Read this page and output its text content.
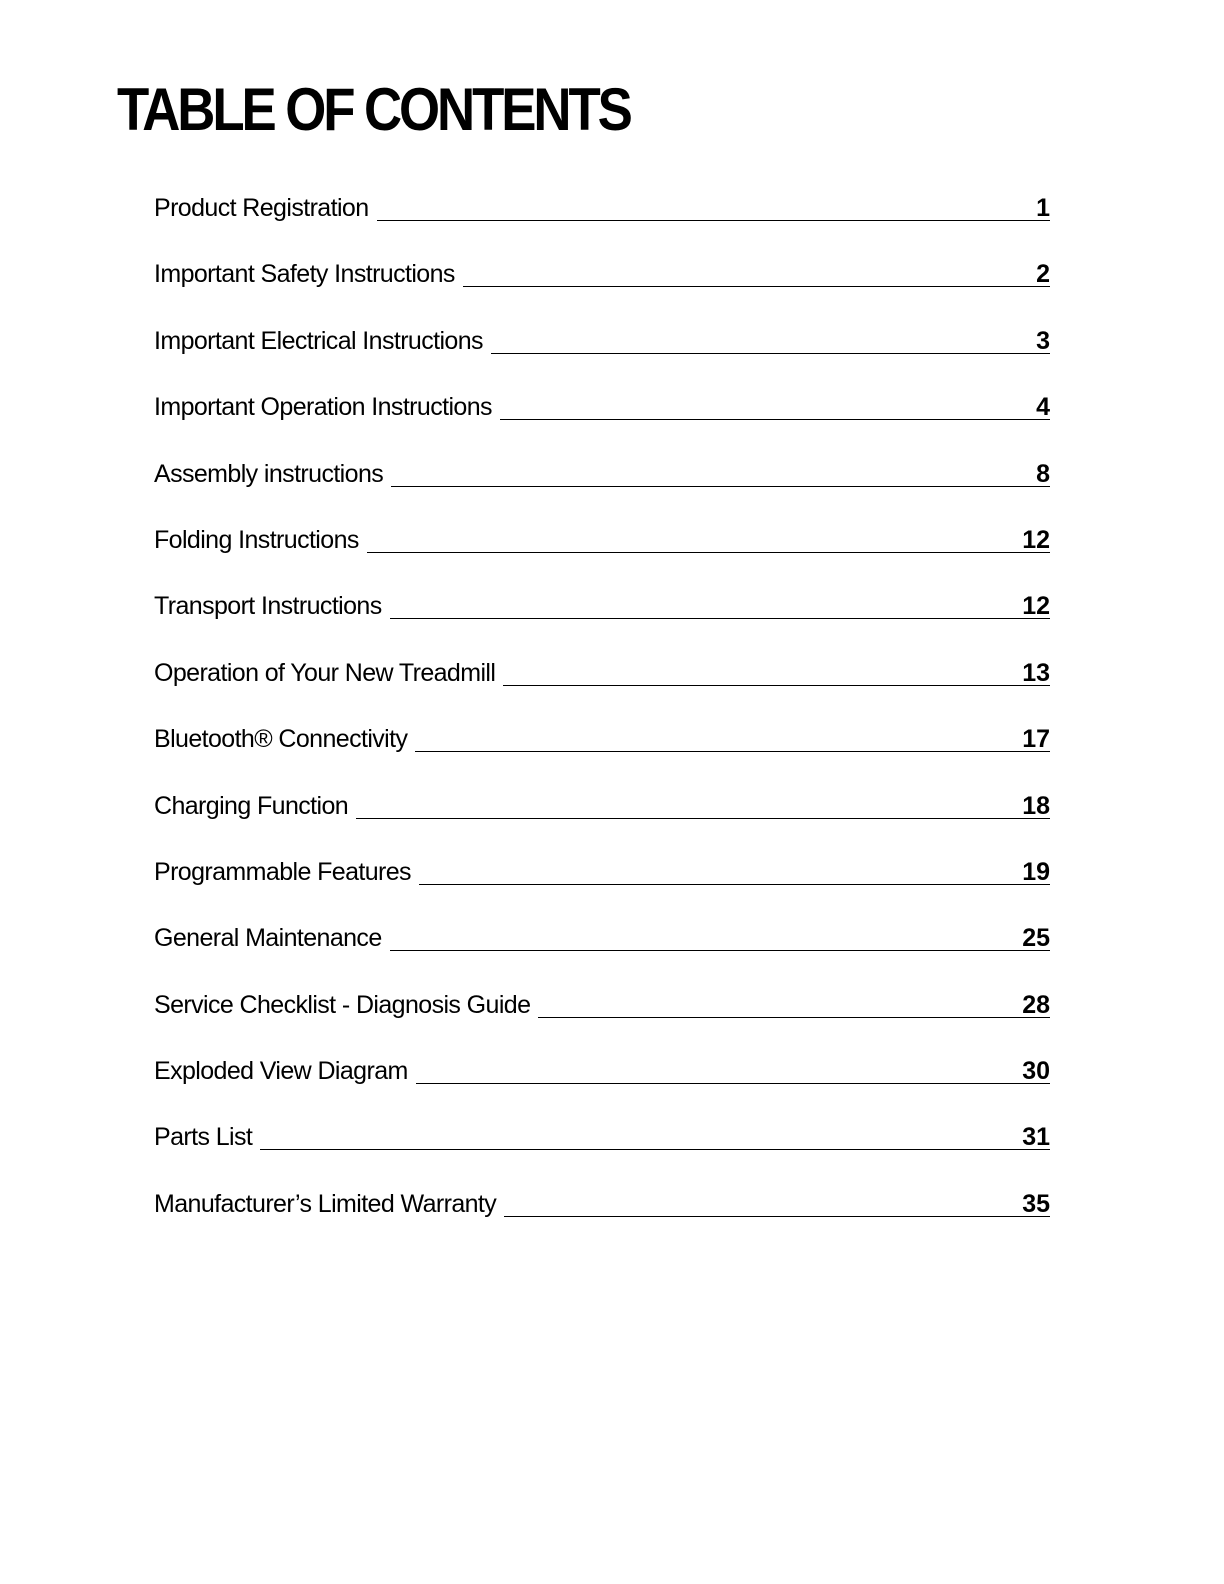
TABLE OF CONTENTS
Product Registration	1
Important Safety Instructions	2
Important Electrical Instructions	3
Important Operation Instructions	4
Assembly instructions	8
Folding Instructions	12
Transport Instructions	12
Operation of Your New Treadmill	13
Bluetooth® Connectivity	17
Charging Function	18
Programmable Features	19
General Maintenance	25
Service Checklist - Diagnosis Guide	28
Exploded View Diagram	30
Parts List	31
Manufacturer’s Limited Warranty	35
